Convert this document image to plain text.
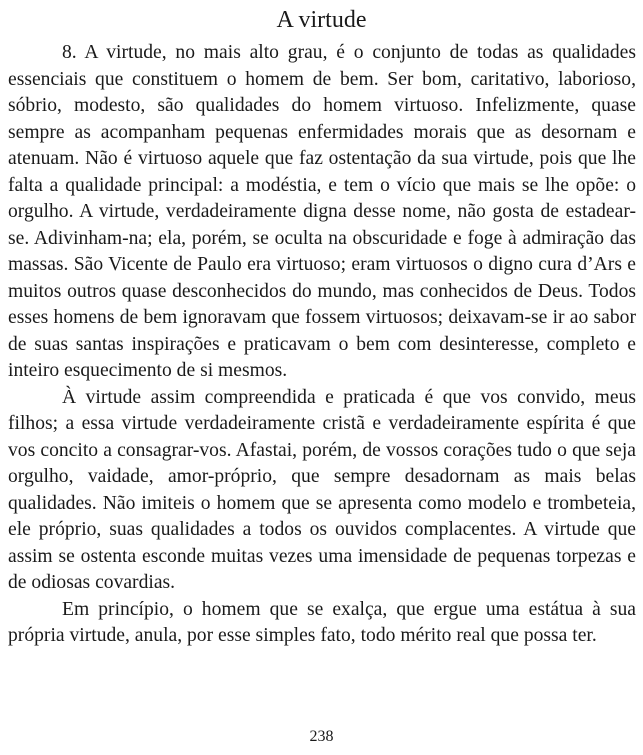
A virtude

8. A virtude, no mais alto grau, é o conjunto de todas as qualidades essenciais que constituem o homem de bem. Ser bom, caritativo, laborioso, sóbrio, modesto, são qualidades do homem virtuoso. Infelizmente, quase sempre as acompanham pequenas enfermidades morais que as desornam e atenuam. Não é virtuoso aquele que faz ostentação da sua virtude, pois que lhe falta a qualidade principal: a modéstia, e tem o vício que mais se lhe opõe: o orgulho. A virtude, verdadeiramente digna desse nome, não gosta de estadear-se. Adivinham-na; ela, porém, se oculta na obscuridade e foge à admiração das massas. São Vicente de Paulo era virtuoso; eram virtuosos o digno cura d’Ars e muitos outros quase desconhecidos do mundo, mas conhecidos de Deus. Todos esses homens de bem ignoravam que fossem virtuosos; deixavam-se ir ao sabor de suas santas inspirações e praticavam o bem com desinteresse, completo e inteiro esquecimento de si mesmos.

À virtude assim compreendida e praticada é que vos convido, meus filhos; a essa virtude verdadeiramente cristã e verdadeiramente espírita é que vos concito a consagrar-vos. Afastai, porém, de vossos corações tudo o que seja orgulho, vaidade, amor-próprio, que sempre desadornam as mais belas qualidades. Não imiteis o homem que se apresenta como modelo e trombeteia, ele próprio, suas qualidades a todos os ouvidos complacentes. A virtude que assim se ostenta esconde muitas vezes uma imensidade de pequenas torpezas e de odiosas covardias.

Em princípio, o homem que se exalça, que ergue uma estátua à sua própria virtude, anula, por esse simples fato, todo mérito real que possa ter.

238
